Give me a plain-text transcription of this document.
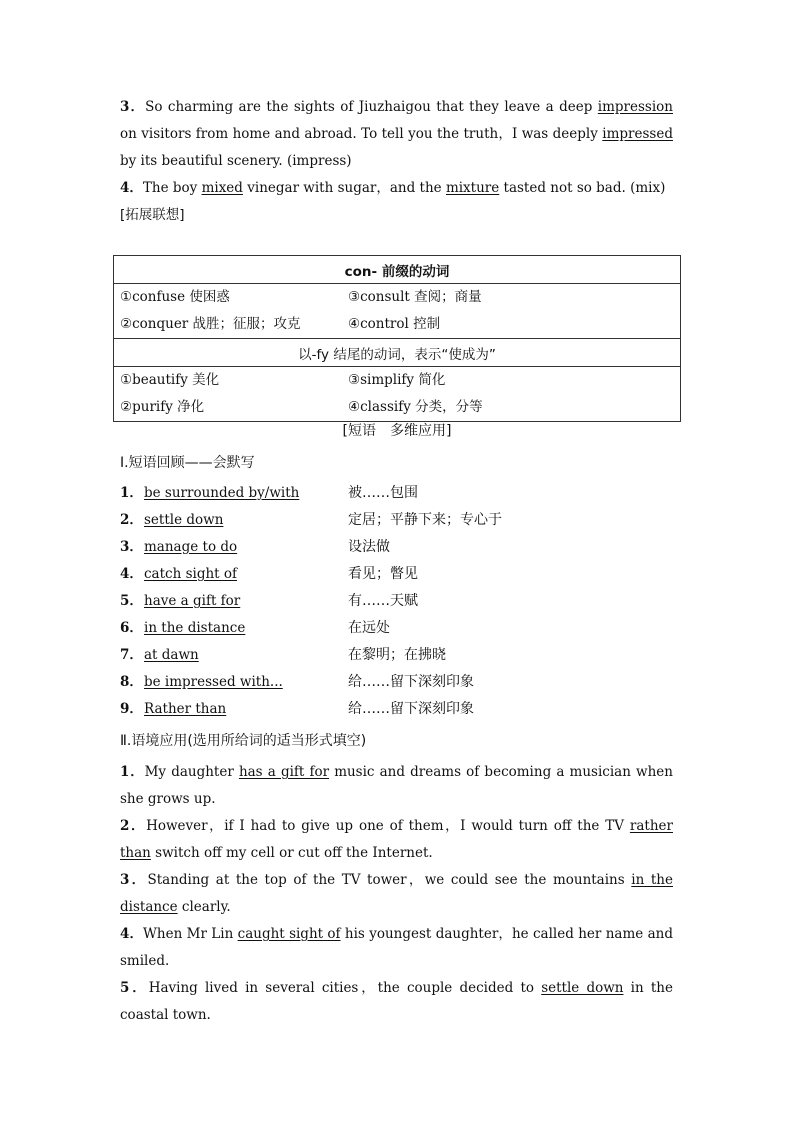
3．So charming are the sights of Jiuzhaigou that they leave a deep impression on visitors from home and abroad. To tell you the truth，I was deeply impressed by its beautiful scenery. (impress)
4．The boy mixed vinegar with sugar，and the mixture tasted not so bad. (mix)
[拓展联想]
con- 前缀的动词

①confuse 使困惑	③consult 查阅；商量
②conquer 战胜；征服；攻克	④control 控制

以-fy 结尾的动词，表示“使成为”

①beautify 美化	③simplify 简化
②purify 净化	④classify 分类，分等
[短语　多维应用]
Ⅰ.短语回顾——会默写
1． be surrounded by/with	被……包围
2． settle down	定居；平静下来；专心于
3． manage to do	设法做
4． catch sight of	看见；瞥见
5． have a gift for	有……天赋
6． in the distance	在远处
7． at dawn	在黎明；在拂晓
8． be impressed with...	给……留下深刻印象
9． Rather than	给……留下深刻印象
Ⅱ.语境应用(选用所给词的适当形式填空)
1．My daughter has a gift for music and dreams of becoming a musician when she grows up.
2．However，if I had to give up one of them，I would turn off the TV rather than switch off my cell or cut off the Internet.
3．Standing at the top of the TV tower，we could see the mountains in the distance clearly.
4．When Mr Lin caught sight of his youngest daughter，he called her name and smiled.
5．Having lived in several cities，the couple decided to settle down in the coastal town.
